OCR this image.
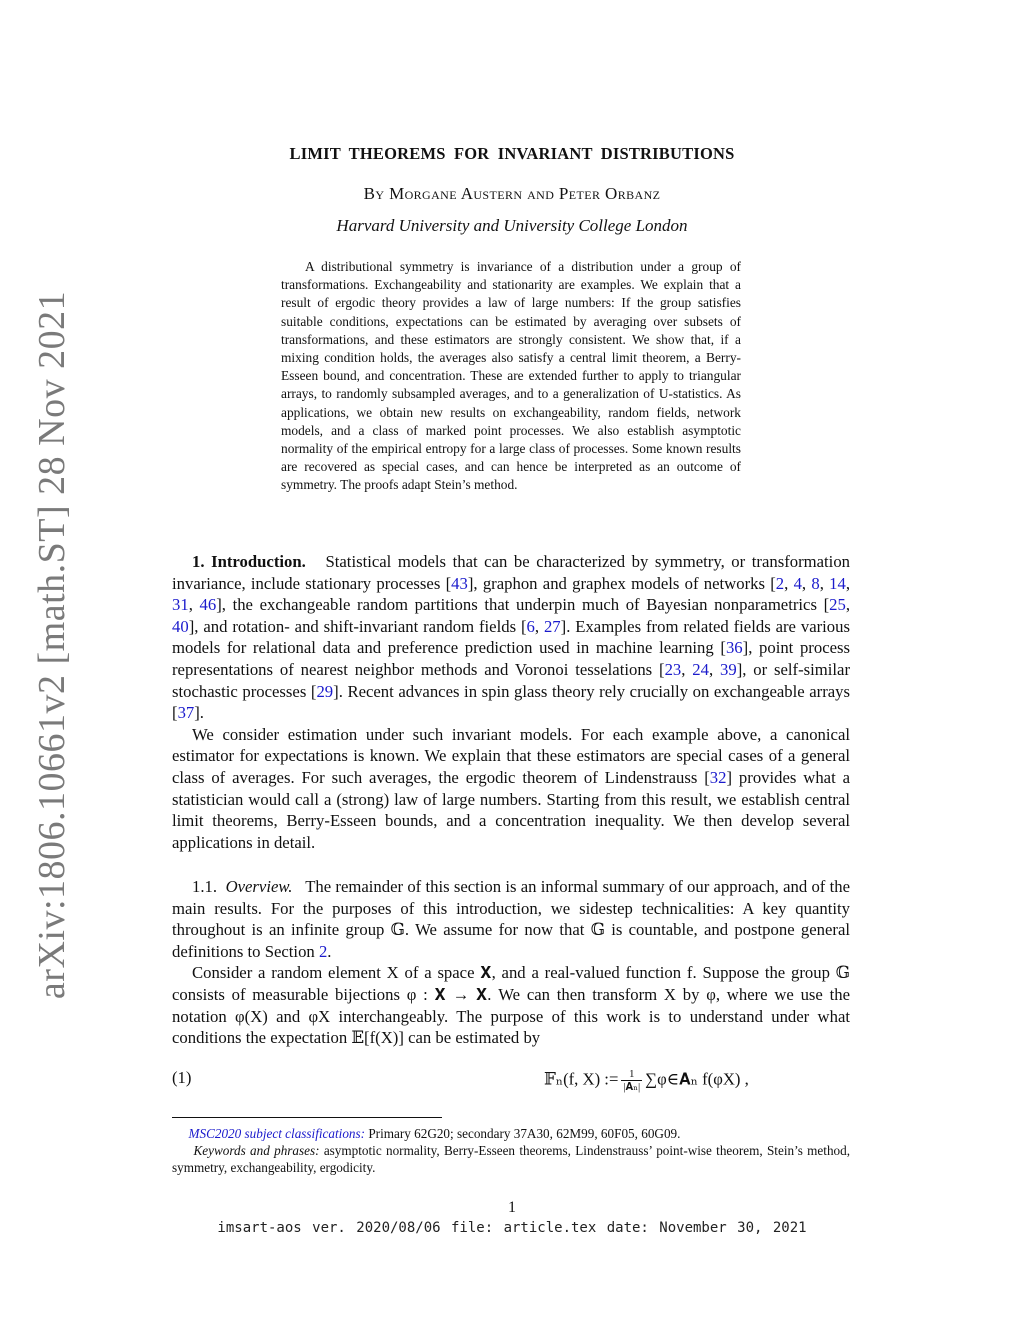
arXiv:1806.10661v2 [math.ST] 28 Nov 2021
LIMIT THEOREMS FOR INVARIANT DISTRIBUTIONS
By Morgane Austern and Peter Orbanz
Harvard University and University College London
A distributional symmetry is invariance of a distribution under a group of transformations. Exchangeability and stationarity are examples. We explain that a result of ergodic theory provides a law of large numbers: If the group satisfies suitable conditions, expectations can be estimated by averaging over subsets of transformations, and these estimators are strongly consistent. We show that, if a mixing condition holds, the averages also satisfy a central limit theorem, a Berry-Esseen bound, and concentration. These are extended further to apply to triangular arrays, to randomly subsampled averages, and to a generalization of U-statistics. As applications, we obtain new results on exchangeability, random fields, network models, and a class of marked point processes. We also establish asymptotic normality of the empirical entropy for a large class of processes. Some known results are recovered as special cases, and can hence be interpreted as an outcome of symmetry. The proofs adapt Stein’s method.

1. Introduction. Statistical models that can be characterized by symmetry, or transformation invariance, include stationary processes [43], graphon and graphex models of networks [2, 4, 8, 14, 31, 46], the exchangeable random partitions that underpin much of Bayesian nonparametrics [25, 40], and rotation- and shift-invariant random fields [6, 27]. Examples from related fields are various models for relational data and preference prediction used in machine learning [36], point process representations of nearest neighbor methods and Voronoi tesselations [23, 24, 39], or self-similar stochastic processes [29]. Recent advances in spin glass theory rely crucially on exchangeable arrays [37].

We consider estimation under such invariant models. For each example above, a canonical estimator for expectations is known. We explain that these estimators are special cases of a general class of averages. For such averages, the ergodic theorem of Lindenstrauss [32] provides what a statistician would call a (strong) law of large numbers. Starting from this result, we establish central limit theorems, Berry-Esseen bounds, and a concentration inequality. We then develop several applications in detail.

1.1. Overview. The remainder of this section is an informal summary of our approach, and of the main results. For the purposes of this introduction, we sidestep technicalities: A key quantity throughout is an infinite group 𝔾. We assume for now that 𝔾 is countable, and postpone general definitions to Section 2.

Consider a random element X of a space 𝐗, and a real-valued function f. Suppose the group 𝔾 consists of measurable bijections φ : 𝐗 → 𝐗. We can then transform X by φ, where we use the notation φ(X) and φX interchangeably. The purpose of this work is to understand under what conditions the expectation 𝔼[f(X)] can be estimated by

(1)	𝔽ₙ(f, X) := $\frac{1}{\text{|𝐀ₙ|}}$ ∑φ∈𝐀ₙ f(φX) ,
MSC2020 subject classifications: Primary 62G20; secondary 37A30, 62M99, 60F05, 60G09.
Keywords and phrases: asymptotic normality, Berry-Esseen theorems, Lindenstrauss’ point-wise theorem, Stein’s method, symmetry, exchangeability, ergodicity.
1
imsart-aos ver. 2020/08/06 file: article.tex date: November 30, 2021
